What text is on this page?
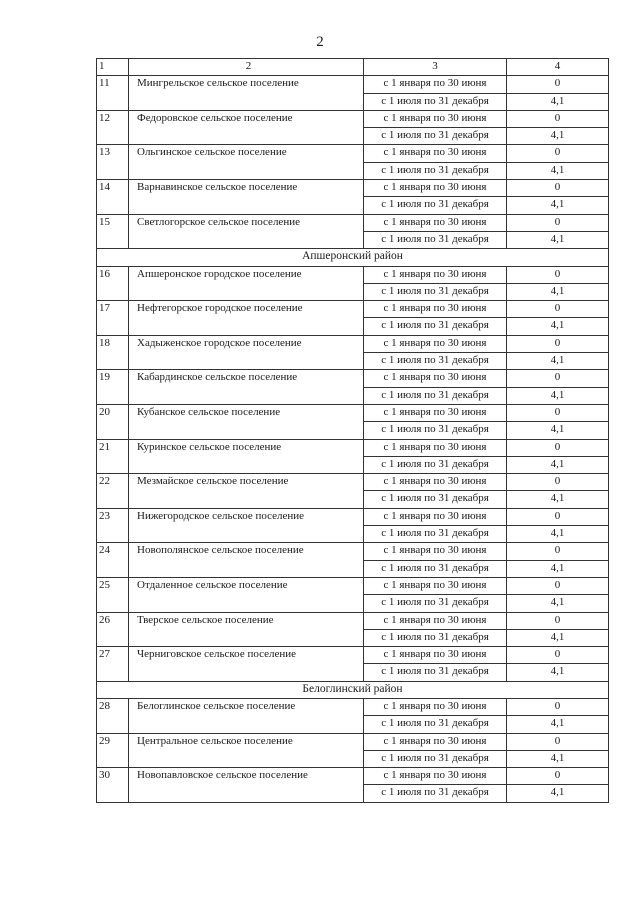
2
1	2	3	4
11	Мингрельское сельское поселение	с 1 января по 30 июня	0
		с 1 июля по 31 декабря	4,1
12	Федоровское сельское поселение	с 1 января по 30 июня	0
		с 1 июля по 31 декабря	4,1
13	Ольгинское сельское поселение	с 1 января по 30 июня	0
		с 1 июля по 31 декабря	4,1
14	Варнавинское сельское поселение	с 1 января по 30 июня	0
		с 1 июля по 31 декабря	4,1
15	Светлогорское сельское поселение	с 1 января по 30 июня	0
		с 1 июля по 31 декабря	4,1
Апшеронский район			
16	Апшеронское городское поселение	с 1 января по 30 июня	0
		с 1 июля по 31 декабря	4,1
17	Нефтегорское городское поселение	с 1 января по 30 июня	0
		с 1 июля по 31 декабря	4,1
18	Хадыженское городское поселение	с 1 января по 30 июня	0
		с 1 июля по 31 декабря	4,1
19	Кабардинское сельское поселение	с 1 января по 30 июня	0
		с 1 июля по 31 декабря	4,1
20	Кубанское сельское поселение	с 1 января по 30 июня	0
		с 1 июля по 31 декабря	4,1
21	Куринское сельское поселение	с 1 января по 30 июня	0
		с 1 июля по 31 декабря	4,1
22	Мезмайское сельское поселение	с 1 января по 30 июня	0
		с 1 июля по 31 декабря	4,1
23	Нижегородское сельское поселение	с 1 января по 30 июня	0
		с 1 июля по 31 декабря	4,1
24	Новополянское сельское поселение	с 1 января по 30 июня	0
		с 1 июля по 31 декабря	4,1
25	Отдаленное сельское поселение	с 1 января по 30 июня	0
		с 1 июля по 31 декабря	4,1
26	Тверское сельское поселение	с 1 января по 30 июня	0
		с 1 июля по 31 декабря	4,1
27	Черниговское сельское поселение	с 1 января по 30 июня	0
		с 1 июля по 31 декабря	4,1
Белоглинский район			
28	Белоглинское сельское поселение	с 1 января по 30 июня	0
		с 1 июля по 31 декабря	4,1
29	Центральное сельское поселение	с 1 января по 30 июня	0
		с 1 июля по 31 декабря	4,1
30	Новопавловское сельское поселение	с 1 января по 30 июня	0
		с 1 июля по 31 декабря	4,1
